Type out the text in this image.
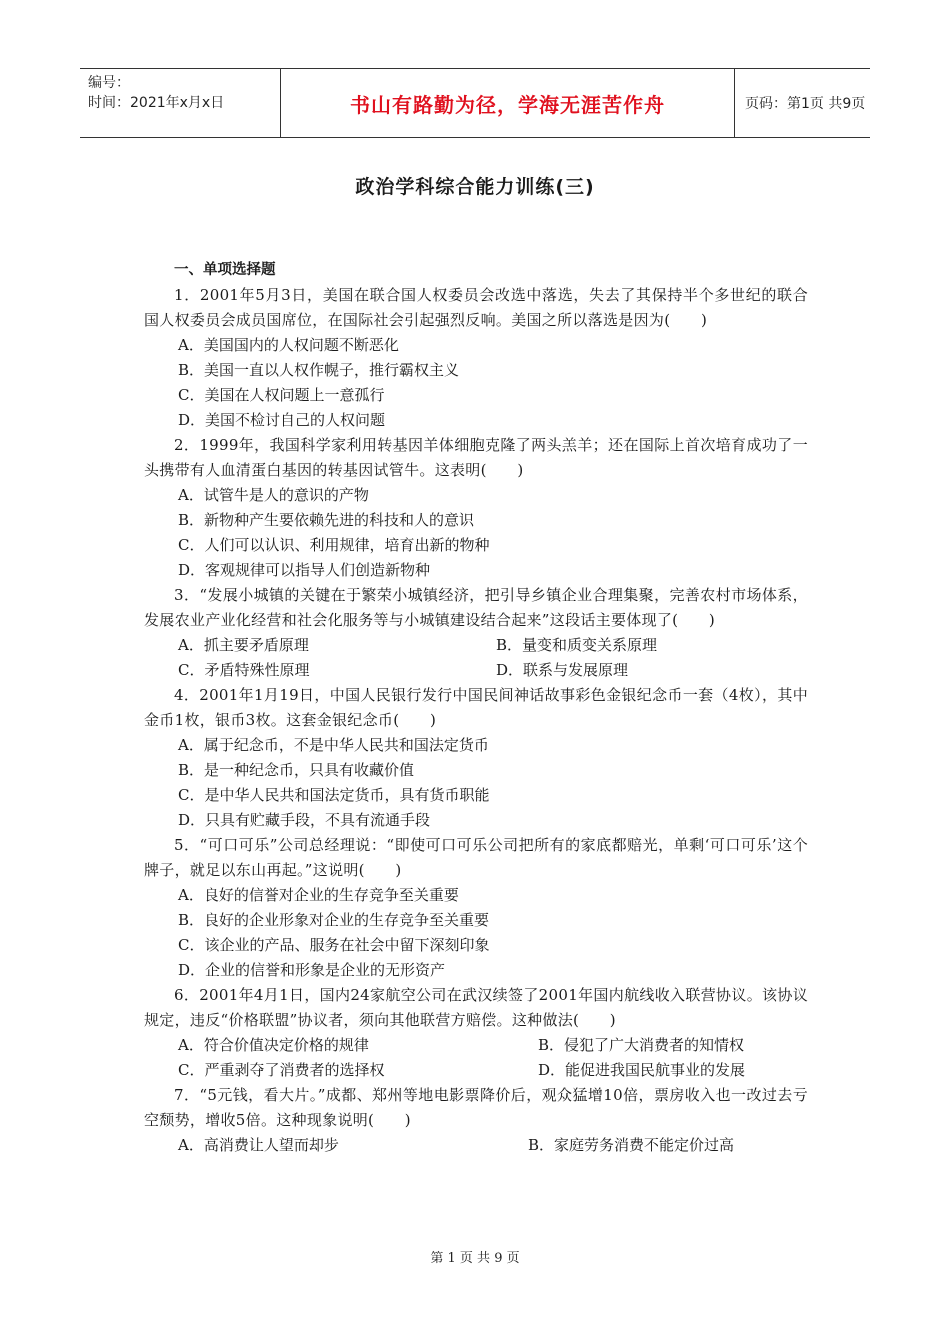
编号：
时间：2021年x月x日	书山有路勤为径，学海无涯苦作舟	页码：第1页 共9页
政治学科综合能力训练(三)
一、单项选择题
1．2001年5月3日，美国在联合国人权委员会改选中落选，失去了其保持半个多世纪的联合国人权委员会成员国席位，在国际社会引起强烈反响。美国之所以落选是因为(　　)
A．美国国内的人权问题不断恶化
B．美国一直以人权作幌子，推行霸权主义
C．美国在人权问题上一意孤行
D．美国不检讨自己的人权问题
2．1999年，我国科学家利用转基因羊体细胞克隆了两头羔羊；还在国际上首次培育成功了一头携带有人血清蛋白基因的转基因试管牛。这表明(　　)
A．试管牛是人的意识的产物
B．新物种产生要依赖先进的科技和人的意识
C．人们可以认识、利用规律，培育出新的物种
D．客观规律可以指导人们创造新物种
3．“发展小城镇的关键在于繁荣小城镇经济，把引导乡镇企业合理集聚，完善农村市场体系，发展农业产业化经营和社会化服务等与小城镇建设结合起来”这段话主要体现了(　　)
A．抓主要矛盾原理	B．量变和质变关系原理
C．矛盾特殊性原理	D．联系与发展原理
4．2001年1月19日，中国人民银行发行中国民间神话故事彩色金银纪念币一套（4枚），其中金币1枚，银币3枚。这套金银纪念币(　　)
A．属于纪念币，不是中华人民共和国法定货币
B．是一种纪念币，只具有收藏价值
C．是中华人民共和国法定货币，具有货币职能
D．只具有贮藏手段，不具有流通手段
5．“可口可乐”公司总经理说：“即使可口可乐公司把所有的家底都赔光，单剩‘可口可乐’这个牌子，就足以东山再起。”这说明(　　)
A．良好的信誉对企业的生存竞争至关重要
B．良好的企业形象对企业的生存竞争至关重要
C．该企业的产品、服务在社会中留下深刻印象
D．企业的信誉和形象是企业的无形资产
6．2001年4月1日，国内24家航空公司在武汉续签了2001年国内航线收入联营协议。该协议规定，违反“价格联盟”协议者，须向其他联营方赔偿。这种做法(　　)
A．符合价值决定价格的规律	B．侵犯了广大消费者的知情权
C．严重剥夺了消费者的选择权	D．能促进我国民航事业的发展
7．“5元钱，看大片。”成都、郑州等地电影票降价后，观众猛增10倍，票房收入也一改过去亏空颓势，增收5倍。这种现象说明(　　)
A．高消费让人望而却步	B．家庭劳务消费不能定价过高
第 1 页 共 9 页
